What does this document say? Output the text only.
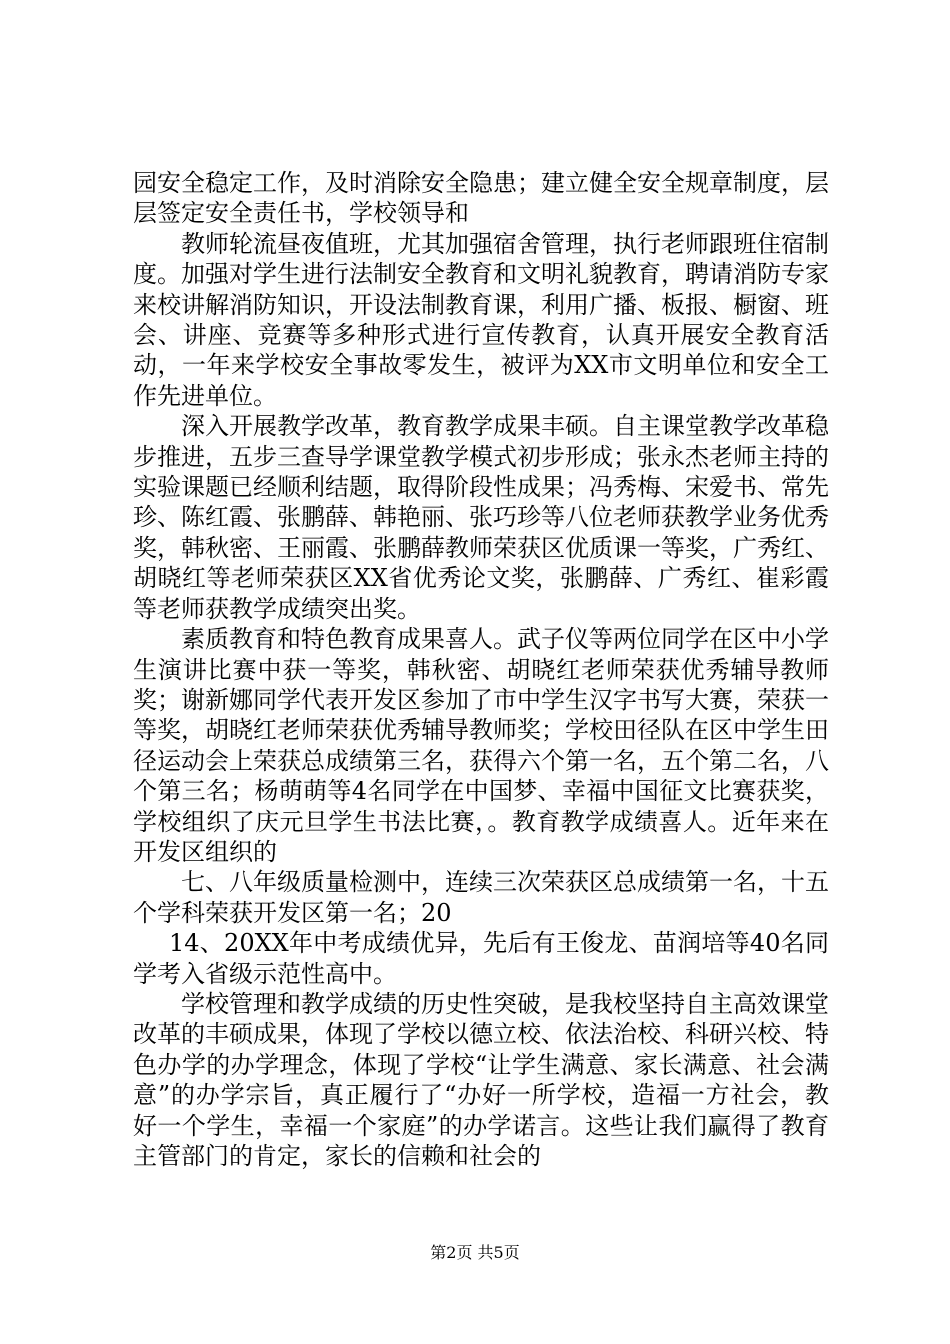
园安全稳定工作，及时消除安全隐患；建立健全安全规章制度，层层签定安全责任书，学校领导和

教师轮流昼夜值班，尤其加强宿舍管理，执行老师跟班住宿制度。加强对学生进行法制安全教育和文明礼貌教育，聘请消防专家来校讲解消防知识，开设法制教育课，利用广播、板报、橱窗、班会、讲座、竞赛等多种形式进行宣传教育，认真开展安全教育活动，一年来学校安全事故零发生，被评为XX市文明单位和安全工作先进单位。

深入开展教学改革，教育教学成果丰硕。自主课堂教学改革稳步推进，五步三查导学课堂教学模式初步形成；张永杰老师主持的实验课题已经顺利结题，取得阶段性成果；冯秀梅、宋爱书、常先珍、陈红霞、张鹏薛、韩艳丽、张巧珍等八位老师获教学业务优秀奖，韩秋密、王丽霞、张鹏薛教师荣获区优质课一等奖，广秀红、胡晓红等老师荣获区XX省优秀论文奖，张鹏薛、广秀红、崔彩霞等老师获教学成绩突出奖。

素质教育和特色教育成果喜人。武子仪等两位同学在区中小学生演讲比赛中获一等奖，韩秋密、胡晓红老师荣获优秀辅导教师奖；谢新娜同学代表开发区参加了市中学生汉字书写大赛，荣获一等奖，胡晓红老师荣获优秀辅导教师奖；学校田径队在区中学生田径运动会上荣获总成绩第三名，获得六个第一名，五个第二名，八个第三名；杨萌萌等4名同学在中国梦、幸福中国征文比赛获奖，学校组织了庆元旦学生书法比赛，。教育教学成绩喜人。近年来在开发区组织的

七、八年级质量检测中，连续三次荣获区总成绩第一名，十五个学科荣获开发区第一名；20

14、20XX年中考成绩优异，先后有王俊龙、苗润培等40名同学考入省级示范性高中。

学校管理和教学成绩的历史性突破，是我校坚持自主高效课堂改革的丰硕成果，体现了学校以德立校、依法治校、科研兴校、特色办学的办学理念，体现了学校“让学生满意、家长满意、社会满意”的办学宗旨，真正履行了“办好一所学校，造福一方社会，教好一个学生，幸福一个家庭”的办学诺言。这些让我们赢得了教育主管部门的肯定，家长的信赖和社会的

第2页 共5页
